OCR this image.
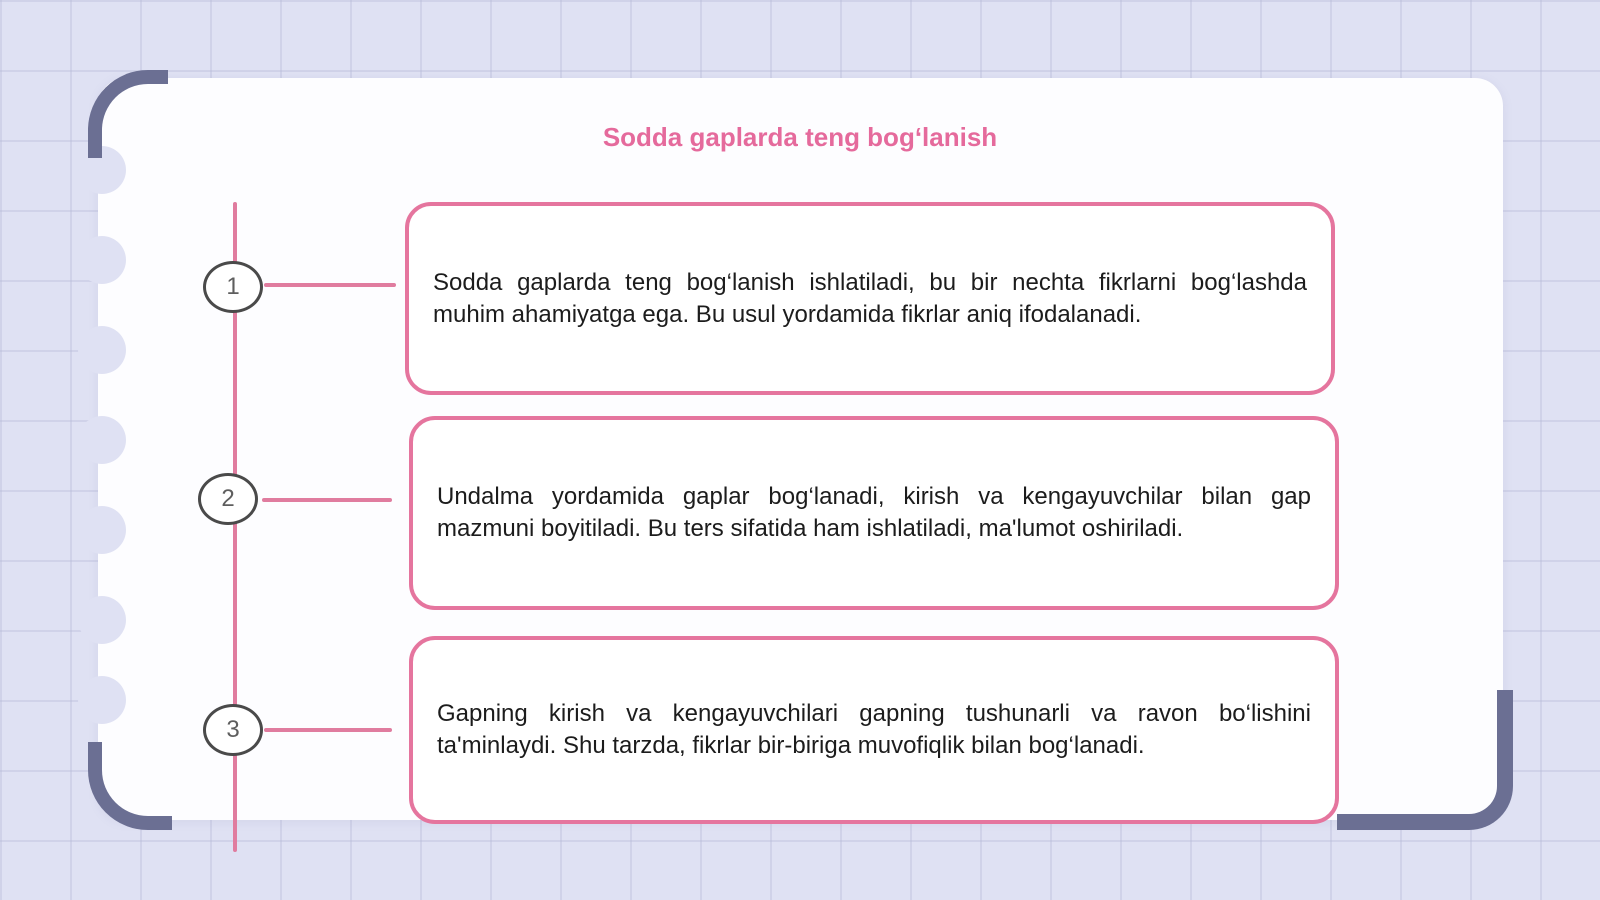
Sodda gaplarda teng bog‘lanish
1
2
3

Sodda gaplarda teng bog‘lanish ishlatiladi, bu bir nechta fikrlarni bog‘lashda muhim ahamiyatga ega. Bu usul yordamida fikrlar aniq ifodalanadi.

Undalma yordamida gaplar bog‘lanadi, kirish va kengayuvchilar bilan gap mazmuni boyitiladi. Bu ters sifatida ham ishlatiladi, ma'lumot oshiriladi.

Gapning kirish va kengayuvchilari gapning tushunarli va ravon bo‘lishini ta'minlaydi. Shu tarzda, fikrlar bir-biriga muvofiqlik bilan bog‘lanadi.
